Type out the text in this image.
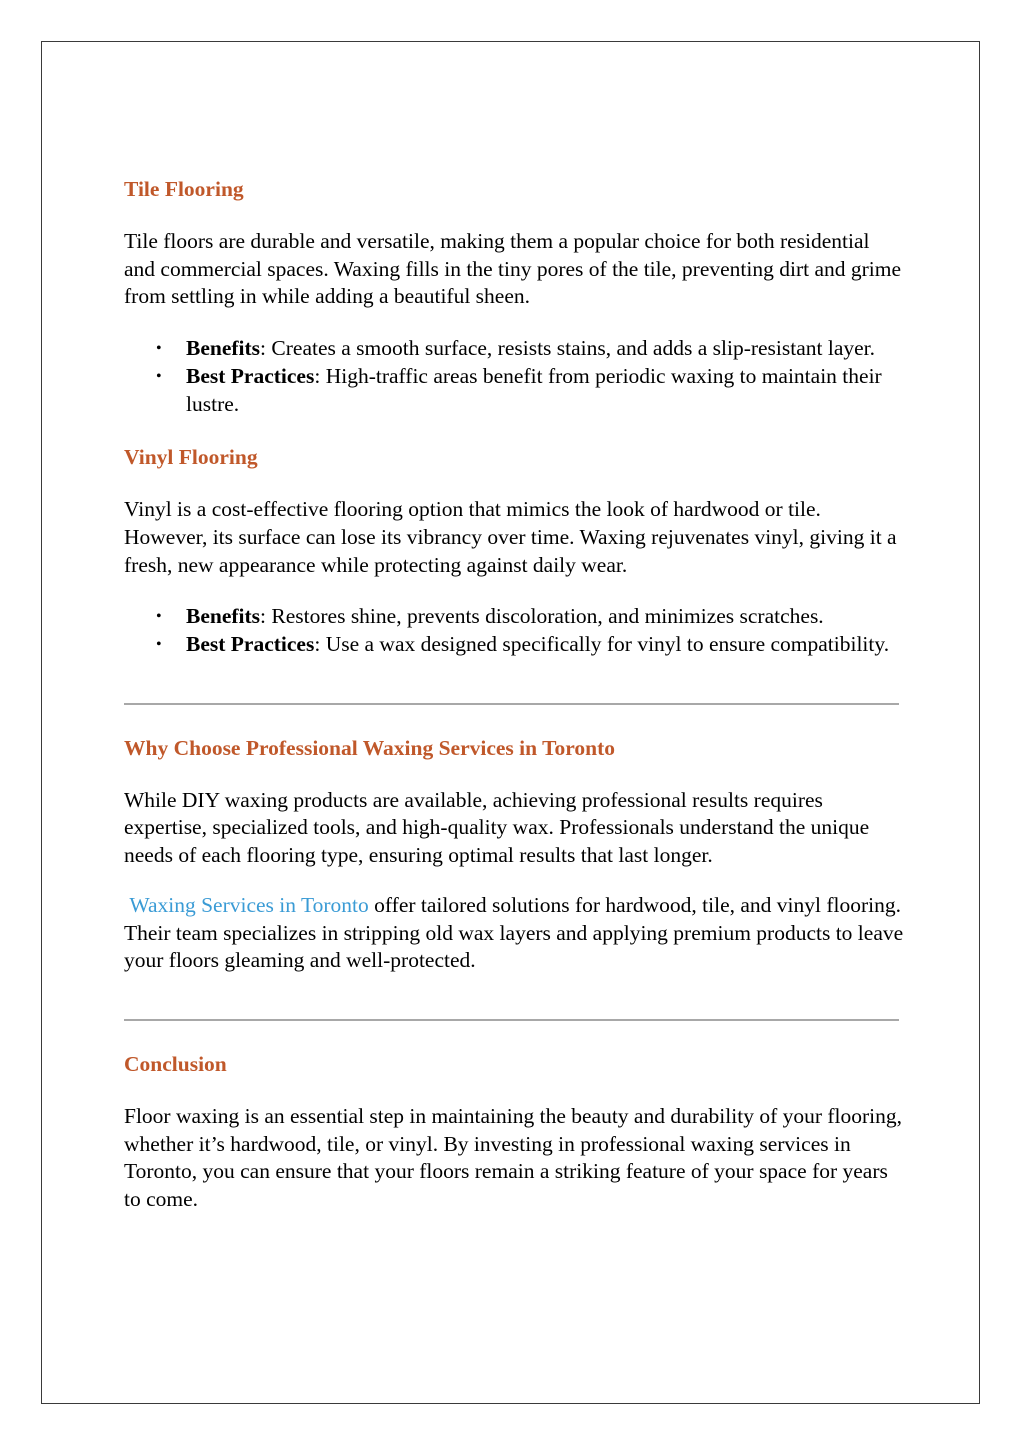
Tile Flooring

Tile floors are durable and versatile, making them a popular choice for both residential and commercial spaces. Waxing fills in the tiny pores of the tile, preventing dirt and grime from settling in while adding a beautiful sheen.

• Benefits: Creates a smooth surface, resists stains, and adds a slip-resistant layer.
• Best Practices: High-traffic areas benefit from periodic waxing to maintain their lustre.
Vinyl Flooring

Vinyl is a cost-effective flooring option that mimics the look of hardwood or tile. However, its surface can lose its vibrancy over time. Waxing rejuvenates vinyl, giving it a fresh, new appearance while protecting against daily wear.

• Benefits: Restores shine, prevents discoloration, and minimizes scratches.
• Best Practices: Use a wax designed specifically for vinyl to ensure compatibility.
Why Choose Professional Waxing Services in Toronto

While DIY waxing products are available, achieving professional results requires expertise, specialized tools, and high-quality wax. Professionals understand the unique needs of each flooring type, ensuring optimal results that last longer.

Waxing Services in Toronto offer tailored solutions for hardwood, tile, and vinyl flooring. Their team specializes in stripping old wax layers and applying premium products to leave your floors gleaming and well-protected.

Conclusion

Floor waxing is an essential step in maintaining the beauty and durability of your flooring, whether it’s hardwood, tile, or vinyl. By investing in professional waxing services in Toronto, you can ensure that your floors remain a striking feature of your space for years to come.
